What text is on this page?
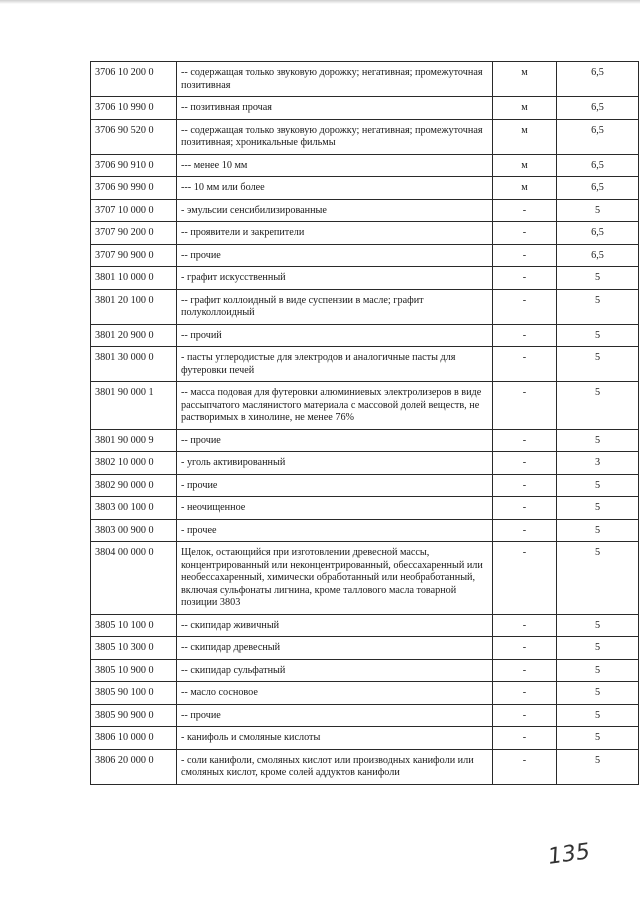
3706 10 200 0	-- содержащая только звуковую дорожку; негативная; промежуточная позитивная	м	6,5
3706 10 990 0	-- позитивная прочая	м	6,5
3706 90 520 0	-- содержащая только звуковую дорожку; негативная; промежуточная позитивная; хроникальные фильмы	м	6,5
3706 90 910 0	--- менее 10 мм	м	6,5
3706 90 990 0	--- 10 мм или более	м	6,5
3707 10 000 0	- эмульсии сенсибилизированные	-	5
3707 90 200 0	-- проявители и закрепители	-	6,5
3707 90 900 0	-- прочие	-	6,5
3801 10 000 0	- графит искусственный	-	5
3801 20 100 0	-- графит коллоидный в виде суспензии в масле; графит полуколлоидный	-	5
3801 20 900 0	-- прочий	-	5
3801 30 000 0	- пасты углеродистые для электродов и аналогичные пасты для футеровки печей	-	5
3801 90 000 1	-- масса подовая для футеровки алюминиевых электролизеров в виде рассыпчатого маслянистого материала с массовой долей веществ, не растворимых в хинолине, не менее 76%	-	5
3801 90 000 9	-- прочие	-	5
3802 10 000 0	- уголь активированный	-	3
3802 90 000 0	- прочие	-	5
3803 00 100 0	- неочищенное	-	5
3803 00 900 0	- прочее	-	5
3804 00 000 0	Щелок, остающийся при изготовлении древесной массы, концентрированный или неконцентрированный, обессахаренный или необессахаренный, химически обработанный или необработанный, включая сульфонаты лигнина, кроме таллового масла товарной позиции 3803	-	5
3805 10 100 0	-- скипидар живичный	-	5
3805 10 300 0	-- скипидар древесный	-	5
3805 10 900 0	-- скипидар сульфатный	-	5
3805 90 100 0	-- масло сосновое	-	5
3805 90 900 0	-- прочие	-	5
3806 10 000 0	- канифоль и смоляные кислоты	-	5
3806 20 000 0	- соли канифоли, смоляных кислот или производных канифоли или смоляных кислот, кроме солей аддуктов канифоли	-	5
135
